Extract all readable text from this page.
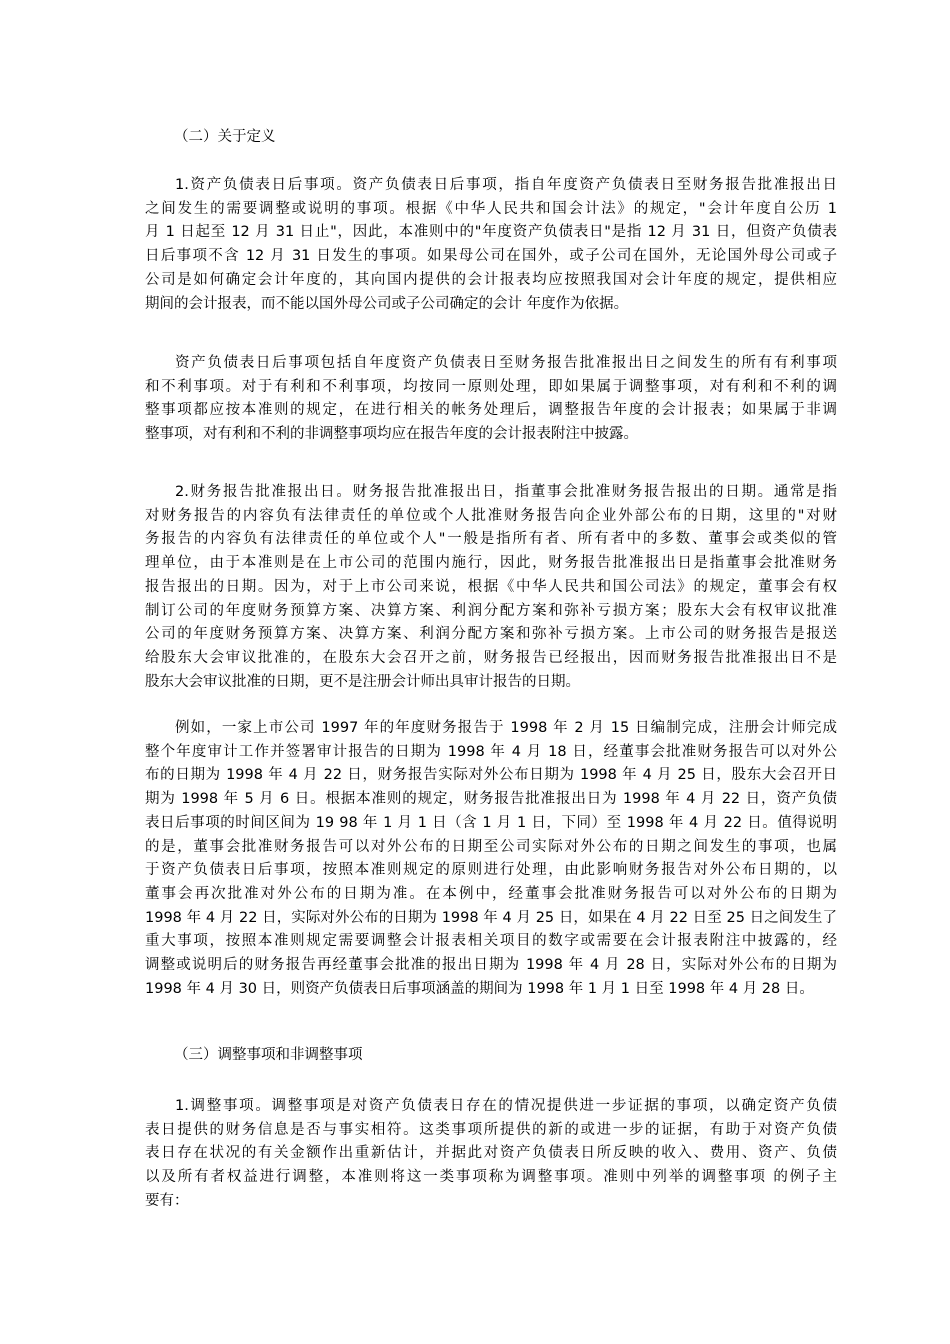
（二）关于定义

1.资产负债表日后事项。资产负债表日后事项，指自年度资产负债表日至财务报告批准报出日
之间发生的需要调整或说明的事项。根据《中华人民共和国会计法》的规定，"会计年度自公历 1
月 1 日起至 12 月 31 日止"，因此，本准则中的"年度资产负债表日"是指 12 月 31 日，但资产负债表
日后事项不含 12 月 31 日发生的事项。如果母公司在国外，或子公司在国外，无论国外母公司或子
公司是如何确定会计年度的，其向国内提供的会计报表均应按照我国对会计年度的规定，提供相应
期间的会计报表，而不能以国外母公司或子公司确定的会计 年度作为依据。
资产负债表日后事项包括自年度资产负债表日至财务报告批准报出日之间发生的所有有利事项
和不利事项。对于有利和不利事项，均按同一原则处理，即如果属于调整事项，对有利和不利的调
整事项都应按本准则的规定，在进行相关的帐务处理后，调整报告年度的会计报表；如果属于非调
整事项，对有利和不利的非调整事项均应在报告年度的会计报表附注中披露。
2.财务报告批准报出日。财务报告批准报出日，指董事会批准财务报告报出的日期。通常是指
对财务报告的内容负有法律责任的单位或个人批准财务报告向企业外部公布的日期，这里的"对财
务报告的内容负有法律责任的单位或个人"一般是指所有者、所有者中的多数、董事会或类似的管
理单位，由于本准则是在上市公司的范围内施行，因此，财务报告批准报出日是指董事会批准财务
报告报出的日期。因为，对于上市公司来说，根据《中华人民共和国公司法》的规定，董事会有权
制订公司的年度财务预算方案、决算方案、利润分配方案和弥补亏损方案；股东大会有权审议批准
公司的年度财务预算方案、决算方案、利润分配方案和弥补亏损方案。上市公司的财务报告是报送
给股东大会审议批准的，在股东大会召开之前，财务报告已经报出，因而财务报告批准报出日不是
股东大会审议批准的日期，更不是注册会计师出具审计报告的日期。
例如，一家上市公司 1997 年的年度财务报告于 1998 年 2 月 15 日编制完成，注册会计师完成
整个年度审计工作并签署审计报告的日期为 1998 年 4 月 18 日，经董事会批准财务报告可以对外公
布的日期为 1998 年 4 月 22 日，财务报告实际对外公布日期为 1998 年 4 月 25 日，股东大会召开日
期为 1998 年 5 月 6 日。根据本准则的规定，财务报告批准报出日为 1998 年 4 月 22 日，资产负债
表日后事项的时间区间为 19 98 年 1 月 1 日（含 1 月 1 日，下同）至 1998 年 4 月 22 日。值得说明
的是，董事会批准财务报告可以对外公布的日期至公司实际对外公布的日期之间发生的事项，也属
于资产负债表日后事项，按照本准则规定的原则进行处理，由此影响财务报告对外公布日期的，以
董事会再次批准对外公布的日期为准。在本例中，经董事会批准财务报告可以对外公布的日期为
1998 年 4 月 22 日，实际对外公布的日期为 1998 年 4 月 25 日，如果在 4 月 22 日至 25 日之间发生了
重大事项，按照本准则规定需要调整会计报表相关项目的数字或需要在会计报表附注中披露的，经
调整或说明后的财务报告再经董事会批准的报出日期为 1998 年 4 月 28 日，实际对外公布的日期为
1998 年 4 月 30 日，则资产负债表日后事项涵盖的期间为 1998 年 1 月 1 日至 1998 年 4 月 28 日。

（三）调整事项和非调整事项

1.调整事项。调整事项是对资产负债表日存在的情况提供进一步证据的事项，以确定资产负债
表日提供的财务信息是否与事实相符。这类事项所提供的新的或进一步的证据，有助于对资产负债
表日存在状况的有关金额作出重新估计，并据此对资产负债表日所反映的收入、费用、资产、负债
以及所有者权益进行调整，本准则将这一类事项称为调整事项。准则中列举的调整事项 的例子主
要有：
